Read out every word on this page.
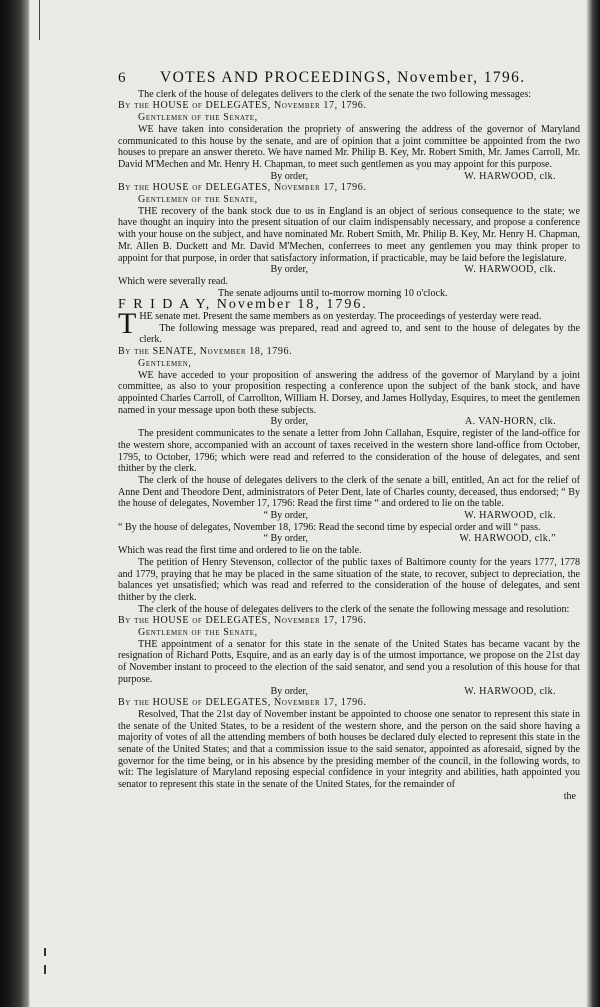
6	VOTES AND PROCEEDINGS, November, 1796.

The clerk of the house of delegates delivers to the clerk of the senate the two following messages:

By the HOUSE of DELEGATES, November 17, 1796.

Gentlemen of the Senate,

WE have taken into consideration the propriety of answering the address of the governor of Maryland communicated to this house by the senate, and are of opinion that a joint committee be appointed from the two houses to prepare an answer thereto. We have named Mr. Philip B. Key, Mr. Robert Smith, Mr. James Carroll, Mr. David M'Mechen and Mr. Henry H. Chapman, to meet such gentlemen as you may appoint for this purpose.

By order,	W. HARWOOD, clk.

By the HOUSE of DELEGATES, November 17, 1796.

Gentlemen of the Senate,

THE recovery of the bank stock due to us in England is an object of serious consequence to the state; we have thought an inquiry into the present situation of our claim indispensably necessary, and propose a conference with your house on the subject, and have nominated Mr. Robert Smith, Mr. Philip B. Key, Mr. Henry H. Chapman, Mr. Allen B. Duckett and Mr. David M'Mechen, conferrees to meet any gentlemen you may think proper to appoint for that purpose, in order that satisfactory information, if practicable, may be laid before the legislature.

By order,	W. HARWOOD, clk.

Which were severally read.

The senate adjourns until to-morrow morning 10 o'clock.

F R I D A Y, November 18, 1796.

THE senate met. Present the same members as on yesterday. The proceedings of yesterday were read.

The following message was prepared, read and agreed to, and sent to the house of delegates by the clerk.

By the SENATE, November 18, 1796.

Gentlemen,

WE have acceded to your proposition of answering the address of the governor of Maryland by a joint committee, as also to your proposition respecting a conference upon the subject of the bank stock, and have appointed Charles Carroll, of Carrollton, William H. Dorsey, and James Hollyday, Esquires, to meet the gentlemen named in your message upon both these subjects.

By order,	A. VAN-HORN, clk.

The president communicates to the senate a letter from John Callahan, Esquire, register of the land-office for the western shore, accompanied with an account of taxes received in the western shore land-office from October, 1795, to October, 1796; which were read and referred to the consideration of the house of delegates, and sent thither by the clerk.

The clerk of the house of delegates delivers to the clerk of the senate a bill, entitled, An act for the relief of Anne Dent and Theodore Dent, administrators of Peter Dent, late of Charles county, deceased, thus endorsed; “ By the house of delegates, November 17, 1796: Read the first time “ and ordered to lie on the table.

“ By order,	W. HARWOOD, clk.

“ By the house of delegates, November 18, 1796: Read the second time by especial order and will “ pass.

“ By order,	W. HARWOOD, clk.”

Which was read the first time and ordered to lie on the table.

The petition of Henry Stevenson, collector of the public taxes of Baltimore county for the years 1777, 1778 and 1779, praying that he may be placed in the same situation of the state, to recover, subject to depreciation, the balances yet unsatisfied; which was read and referred to the consideration of the house of delegates, and sent thither by the clerk.

The clerk of the house of delegates delivers to the clerk of the senate the following message and resolution:

By the HOUSE of DELEGATES, November 17, 1796.

Gentlemen of the Senate,

THE appointment of a senator for this state in the senate of the United States has became vacant by the resignation of Richard Potts, Esquire, and as an early day is of the utmost importance, we propose on the 21st day of November instant to proceed to the election of the said senator, and send you a resolution of this house for that purpose.

By order,	W. HARWOOD, clk.

By the HOUSE of DELEGATES, November 17, 1796.

Resolved, That the 21st day of November instant be appointed to choose one senator to represent this state in the senate of the United States, to be a resident of the western shore, and the person on the said shore having a majority of votes of all the attending members of both houses be declared duly elected to represent this state in the senate of the United States; and that a commission issue to the said senator, appointed as aforesaid, signed by the governor for the time being, or in his absence by the presiding member of the council, in the following words, to wit: The legislature of Maryland reposing especial confidence in your integrity and abilities, hath appointed you senator to represent this state in the senate of the United States, for the remainder of

the
